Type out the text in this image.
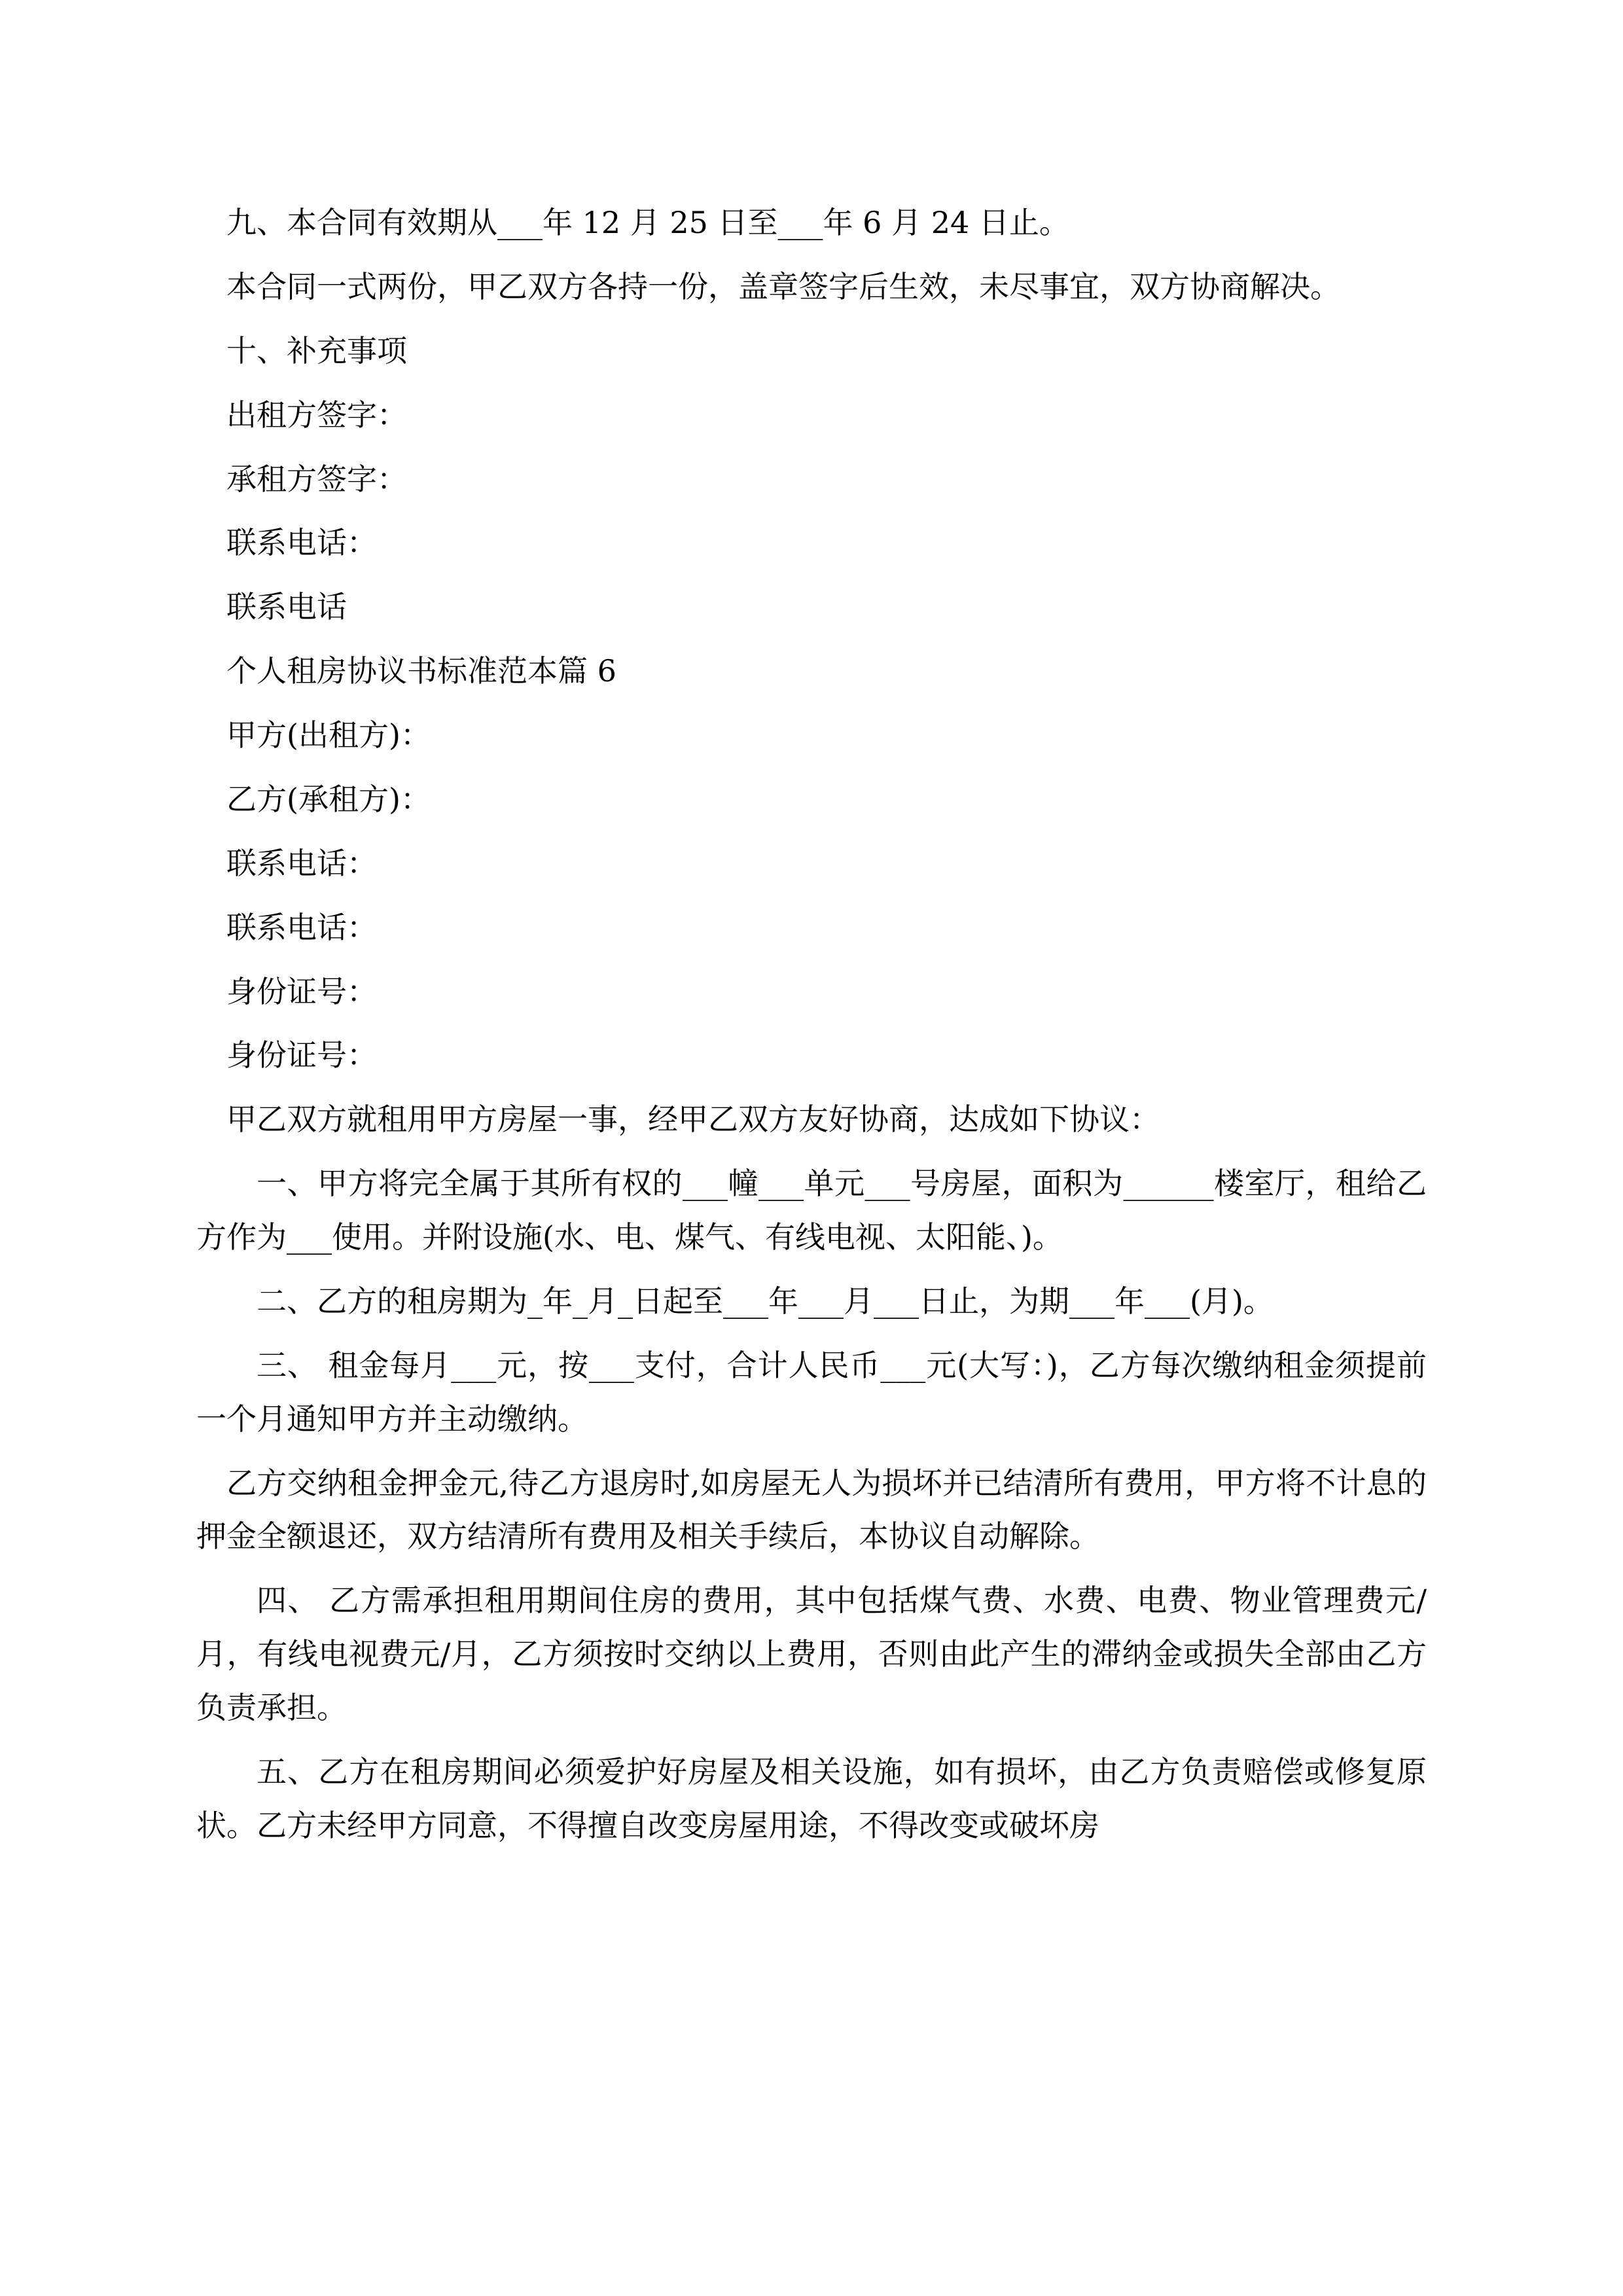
九、本合同有效期从___年 12 月 25 日至___年 6 月 24 日止。

本合同一式两份，甲乙双方各持一份，盖章签字后生效，未尽事宜，双方协商解决。

十、补充事项

出租方签字：

承租方签字：

联系电话：

联系电话

个人租房协议书标准范本篇 6

甲方(出租方)：

乙方(承租方)：

联系电话：

联系电话：

身份证号：

身份证号：

甲乙双方就租用甲方房屋一事，经甲乙双方友好协商，达成如下协议：

一、甲方将完全属于其所有权的___幢___单元___号房屋，面积为______楼室厅，租给乙方作为___使用。并附设施(水、电、煤气、有线电视、太阳能、)。

二、乙方的租房期为_年_月_日起至___年___月___日止，为期___年___(月)。

三、 租金每月___元，按___支付，合计人民币___元(大写：)，乙方每次缴纳租金须提前一个月通知甲方并主动缴纳。

乙方交纳租金押金元,待乙方退房时,如房屋无人为损坏并已结清所有费用，甲方将不计息的押金全额退还，双方结清所有费用及相关手续后，本协议自动解除。

四、 乙方需承担租用期间住房的费用，其中包括煤气费、水费、电费、物业管理费元/月，有线电视费元/月，乙方须按时交纳以上费用，否则由此产生的滞纳金或损失全部由乙方负责承担。

五、乙方在租房期间必须爱护好房屋及相关设施，如有损坏，由乙方负责赔偿或修复原状。乙方未经甲方同意，不得擅自改变房屋用途，不得改变或破坏房
